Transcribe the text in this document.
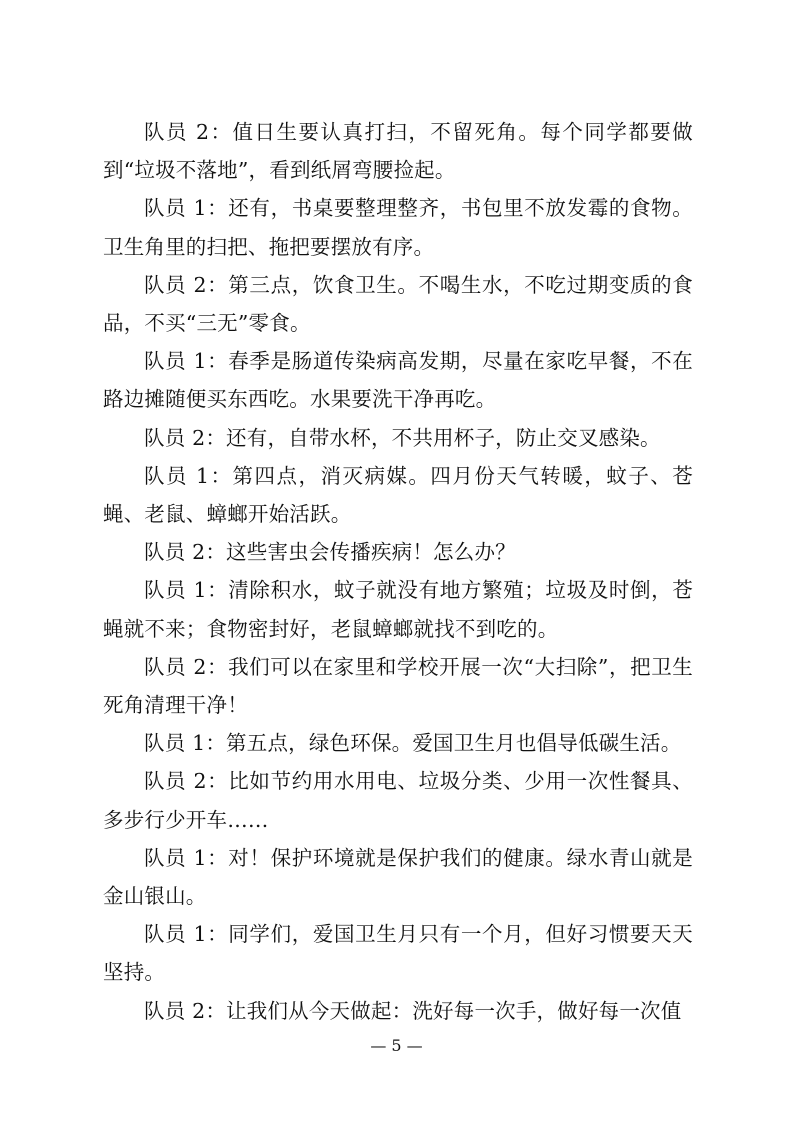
队员 2：值日生要认真打扫，不留死角。每个同学都要做到“垃圾不落地”，看到纸屑弯腰捡起。

队员 1：还有，书桌要整理整齐，书包里不放发霉的食物。卫生角里的扫把、拖把要摆放有序。

队员 2：第三点，饮食卫生。不喝生水，不吃过期变质的食品，不买“三无”零食。

队员 1：春季是肠道传染病高发期，尽量在家吃早餐，不在路边摊随便买东西吃。水果要洗干净再吃。

队员 2：还有，自带水杯，不共用杯子，防止交叉感染。

队员 1：第四点，消灭病媒。四月份天气转暖，蚊子、苍蝇、老鼠、蟑螂开始活跃。

队员 2：这些害虫会传播疾病！怎么办？

队员 1：清除积水，蚊子就没有地方繁殖；垃圾及时倒，苍蝇就不来；食物密封好，老鼠蟑螂就找不到吃的。

队员 2：我们可以在家里和学校开展一次“大扫除”，把卫生死角清理干净！

队员 1：第五点，绿色环保。爱国卫生月也倡导低碳生活。

队员 2：比如节约用水用电、垃圾分类、少用一次性餐具、多步行少开车……

队员 1：对！保护环境就是保护我们的健康。绿水青山就是金山银山。

队员 1：同学们，爱国卫生月只有一个月，但好习惯要天天坚持。

队员 2：让我们从今天做起：洗好每一次手，做好每一次值

— 5 —
